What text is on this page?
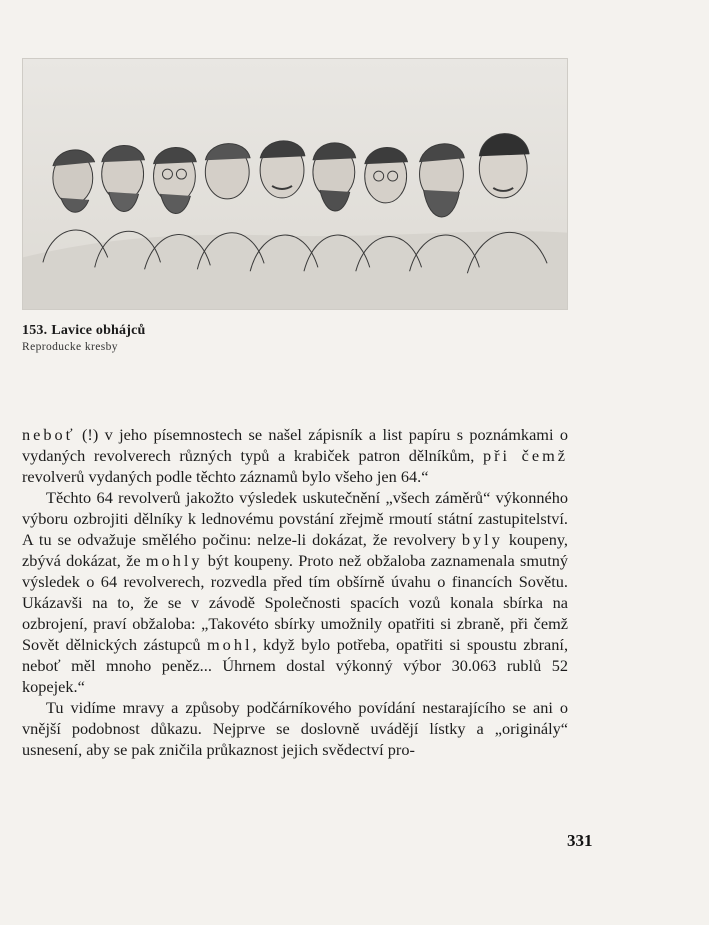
153. Lavice obhájců
Reproducke kresby

neboť (!) v jeho písemnostech se našel zápisník a list papíru s poznámkami o vydaných revolverech různých typů a krabiček patron dělníkům, při čemž revolverů vydaných podle těchto záznamů bylo všeho jen 64.“

Těchto 64 revolverů jakožto výsledek uskutečnění „všech záměrů“ výkonného výboru ozbrojiti dělníky k lednovému povstání zřejmě rmoutí státní zastupitelství. A tu se odvažuje smělého počinu: nelze-li dokázat, že revolvery byly koupeny, zbývá dokázat, že mohly být koupeny. Proto než obžaloba zaznamenala smutný výsledek o 64 revolverech, rozvedla před tím obšírně úvahu o financích Sovětu. Ukázavši na to, že se v závodě Společnosti spacích vozů konala sbírka na ozbrojení, praví obžaloba: „Takovéto sbírky umožnily opatřiti si zbraně, při čemž Sovět dělnických zástupců mohl, když bylo potřeba, opatřiti si spoustu zbraní, neboť měl mnoho peněz... Úhrnem dostal výkonný výbor 30.063 rublů 52 kopejek.“

Tu vidíme mravy a způsoby podčárníkového povídání nestarajícího se ani o vnější podobnost důkazu. Nejprve se doslovně uvádějí lístky a „originály“ usnesení, aby se pak zničila průkaznost jejich svědectví pro-

331
